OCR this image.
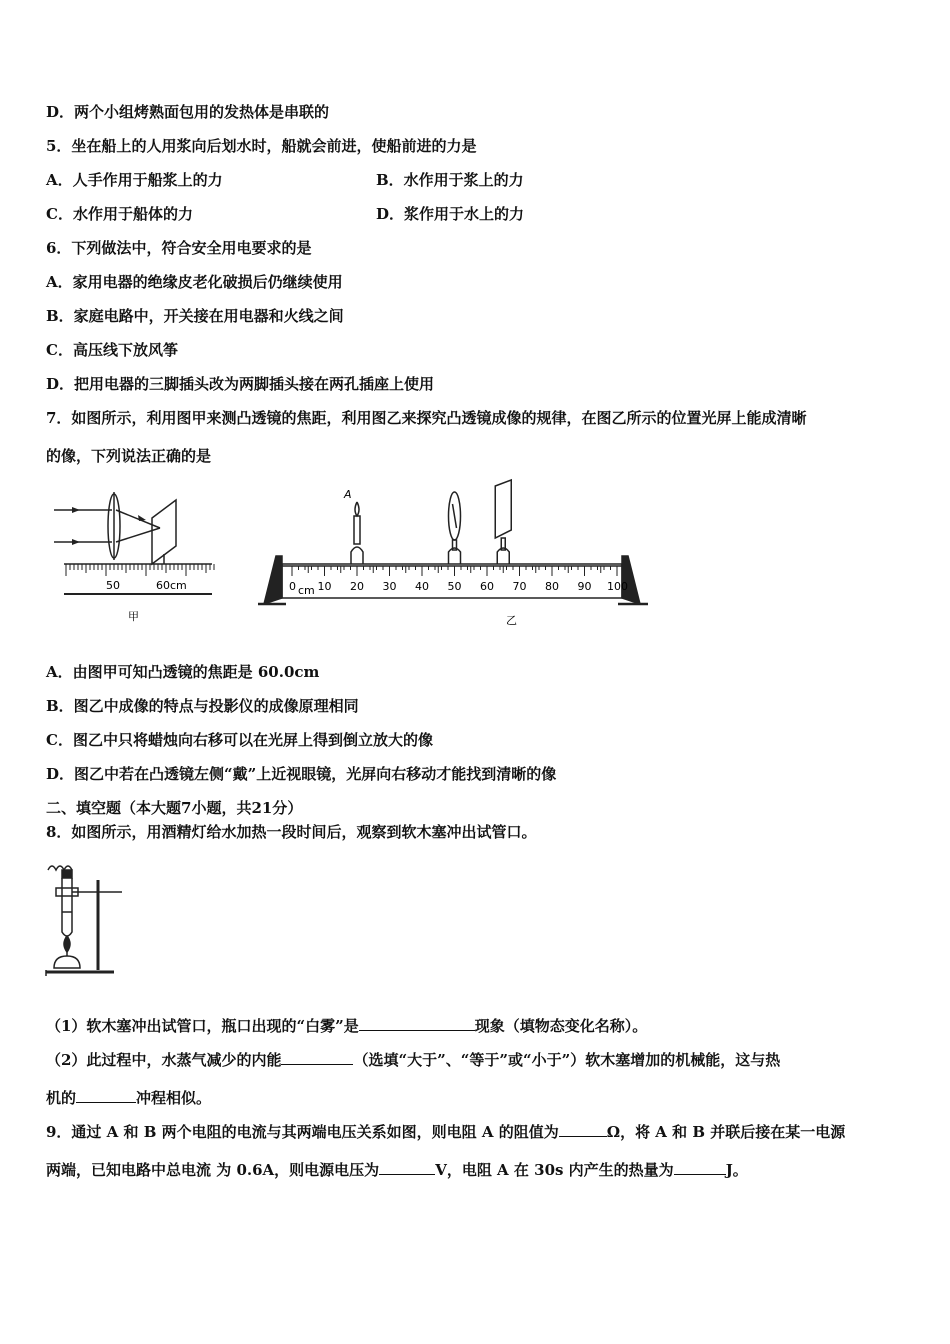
D．两个小组烤熟面包用的发热体是串联的
5．坐在船上的人用浆向后划水时，船就会前进，使船前进的力是
A．人手作用于船浆上的力	B．水作用于浆上的力
C．水作用于船体的力	D．浆作用于水上的力
6．下列做法中，符合安全用电要求的是
A．家用电器的绝缘皮老化破损后仍继续使用
B．家庭电路中，开关接在用电器和火线之间
C．高压线下放风筝
D．把用电器的三脚插头改为两脚插头接在两孔插座上使用
7．如图所示，利用图甲来测凸透镜的焦距，利用图乙来探究凸透镜成像的规律，在图乙所示的位置光屏上能成清晰
的像，下列说法正确的是
50	60cm
甲
0 cm 10 20 30 40 50 60 70 80 90 100
A
乙
A．由图甲可知凸透镜的焦距是 60.0cm
B．图乙中成像的特点与投影仪的成像原理相同
C．图乙中只将蜡烛向右移可以在光屏上得到倒立放大的像
D．图乙中若在凸透镜左侧“戴”上近视眼镜，光屏向右移动才能找到清晰的像
二、填空题（本大题7小题，共21分）
8．如图所示，用酒精灯给水加热一段时间后，观察到软木塞冲出试管口。
（1）软木塞冲出试管口，瓶口出现的“白雾”是	现象（填物态变化名称）。
（2）此过程中，水蒸气减少的内能	（选填“大于”、“等于”或“小于”）软木塞增加的机械能，这与热
机的	冲程相似。
9．通过 A 和 B 两个电阻的电流与其两端电压关系如图，则电阻 A 的阻值为	Ω，将 A 和 B 并联后接在某一电源
两端，已知电路中总电流 为 0.6A，则电源电压为	V，电阻 A 在 30s 内产生的热量为	J。
